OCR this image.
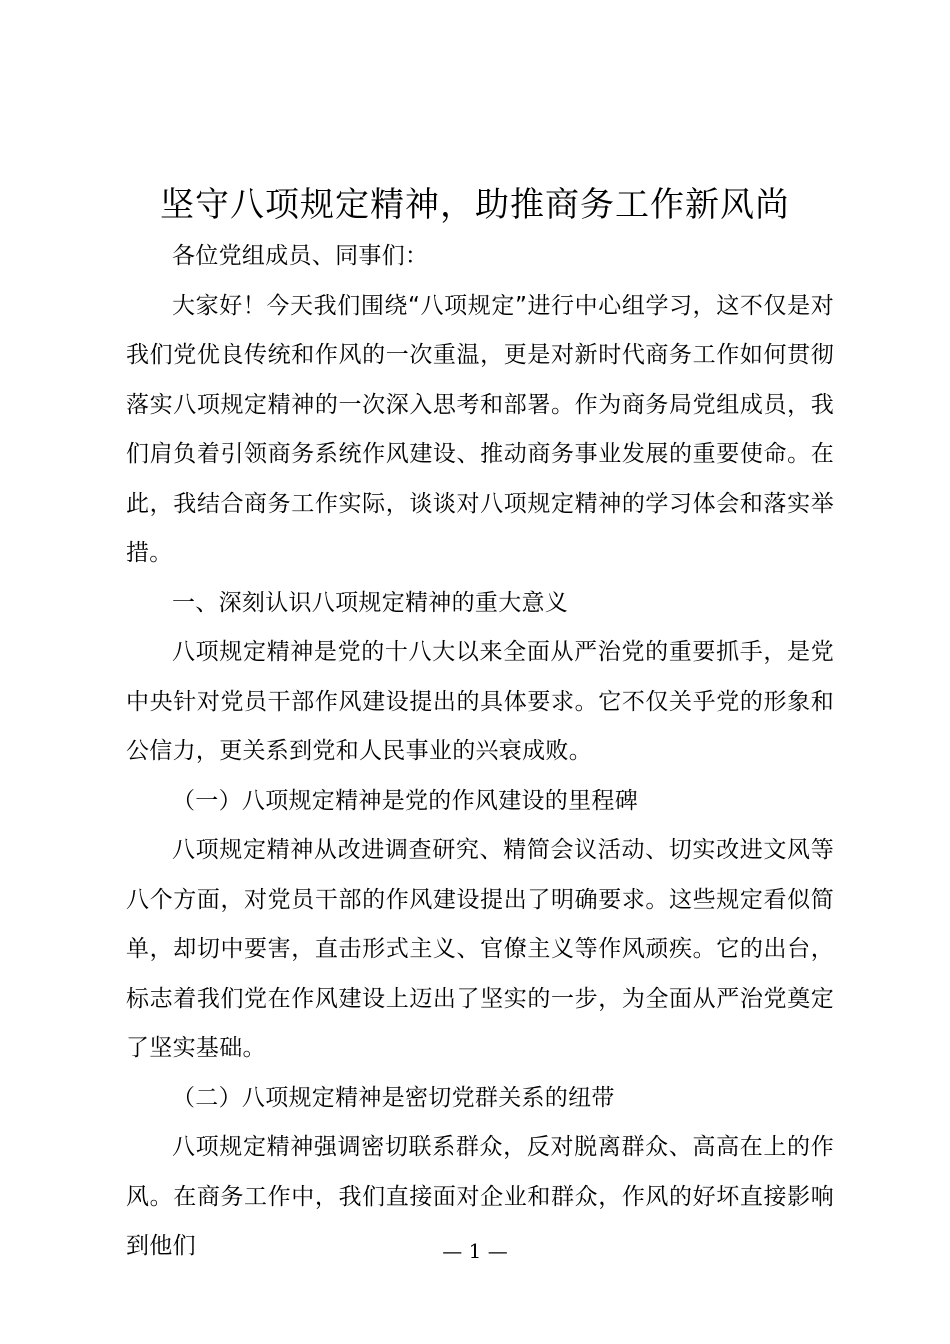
坚守八项规定精神，助推商务工作新风尚

各位党组成员、同事们：

大家好！今天我们围绕“八项规定”进行中心组学习，这不仅是对我们党优良传统和作风的一次重温，更是对新时代商务工作如何贯彻落实八项规定精神的一次深入思考和部署。作为商务局党组成员，我们肩负着引领商务系统作风建设、推动商务事业发展的重要使命。在此，我结合商务工作实际，谈谈对八项规定精神的学习体会和落实举措。

一、深刻认识八项规定精神的重大意义

八项规定精神是党的十八大以来全面从严治党的重要抓手，是党中央针对党员干部作风建设提出的具体要求。它不仅关乎党的形象和公信力，更关系到党和人民事业的兴衰成败。

（一）八项规定精神是党的作风建设的里程碑

八项规定精神从改进调查研究、精简会议活动、切实改进文风等八个方面，对党员干部的作风建设提出了明确要求。这些规定看似简单，却切中要害，直击形式主义、官僚主义等作风顽疾。它的出台，标志着我们党在作风建设上迈出了坚实的一步，为全面从严治党奠定了坚实基础。

（二）八项规定精神是密切党群关系的纽带

八项规定精神强调密切联系群众，反对脱离群众、高高在上的作风。在商务工作中，我们直接面对企业和群众，作风的好坏直接影响到他们	— 1 —
